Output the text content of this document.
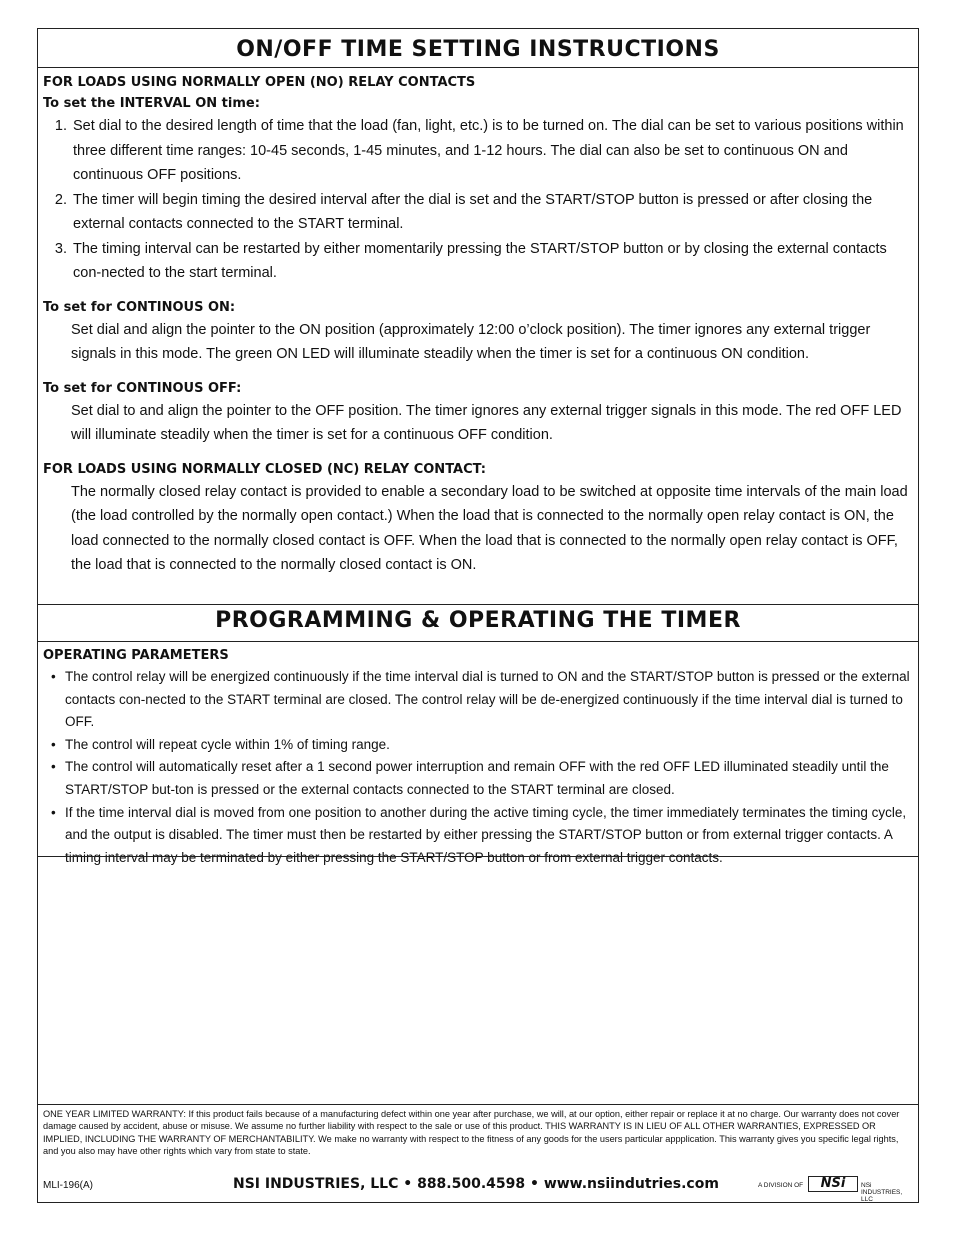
ON/OFF TIME SETTING INSTRUCTIONS
FOR LOADS USING NORMALLY OPEN (NO) RELAY CONTACTS
To set the INTERVAL ON time:
1. Set dial to the desired length of time that the load (fan, light, etc.) is to be turned on. The dial can be set to various positions within three different time ranges: 10-45 seconds, 1-45 minutes, and 1-12 hours. The dial can also be set to continuous ON and continuous OFF positions.
2. The timer will begin timing the desired interval after the dial is set and the START/STOP button is pressed or after closing the external contacts connected to the START terminal.
3. The timing interval can be restarted by either momentarily pressing the START/STOP button or by closing the external contacts con-nected to the start terminal.
To set for CONTINOUS ON:

Set dial and align the pointer to the ON position (approximately 12:00 o’clock position). The timer ignores any external trigger signals in this mode. The green ON LED will illuminate steadily when the timer is set for a continuous ON condition.

To set for CONTINOUS OFF:

Set dial to and align the pointer to the OFF position. The timer ignores any external trigger signals in this mode. The red OFF LED will illuminate steadily when the timer is set for a continuous OFF condition.

FOR LOADS USING NORMALLY CLOSED (NC) RELAY CONTACT:

The normally closed relay contact is provided to enable a secondary load to be switched at opposite time intervals of the main load (the load controlled by the normally open contact.) When the load that is connected to the normally open relay contact is ON, the load connected to the normally closed contact is OFF. When the load that is connected to the normally open relay contact is OFF, the load that is connected to the normally closed contact is ON.

PROGRAMMING & OPERATING THE TIMER
OPERATING PARAMETERS
• The control relay will be energized continuously if the time interval dial is turned to ON and the START/STOP button is pressed or the external contacts con-nected to the START terminal are closed. The control relay will be de-energized continuously if the time interval dial is turned to OFF.
• The control will repeat cycle within 1% of timing range.
• The control will automatically reset after a 1 second power interruption and remain OFF with the red OFF LED illuminated steadily until the START/STOP but-ton is pressed or the external contacts connected to the START terminal are closed.
• If the time interval dial is moved from one position to another during the active timing cycle, the timer immediately terminates the timing cycle, and the output is disabled. The timer must then be restarted by either pressing the START/STOP button or from external trigger contacts. A timing interval may be terminated by either pressing the START/STOP button or from external trigger contacts.
ONE YEAR LIMITED WARRANTY: If this product fails because of a manufacturing defect within one year after purchase, we will, at our option, either repair or replace it at no charge. Our warranty does not cover damage caused by accident, abuse or misuse. We assume no further liability with respect to the sale or use of this product. THIS WARRANTY IS IN LIEU OF ALL OTHER WARRANTIES, EXPRESSED OR IMPLIED, INCLUDING THE WARRANTY OF MERCHANTABILITY. We make no warranty with respect to the fitness of any goods for the users particular appplication. This warranty gives you specific legal rights, and you also may have other rights which vary from state to state.
MLI-196(A)	NSI INDUSTRIES, LLC • 888.500.4598 • www.nsiindutries.com	A DIVISION OF	NSi	NSi INDUSTRIES, LLC
